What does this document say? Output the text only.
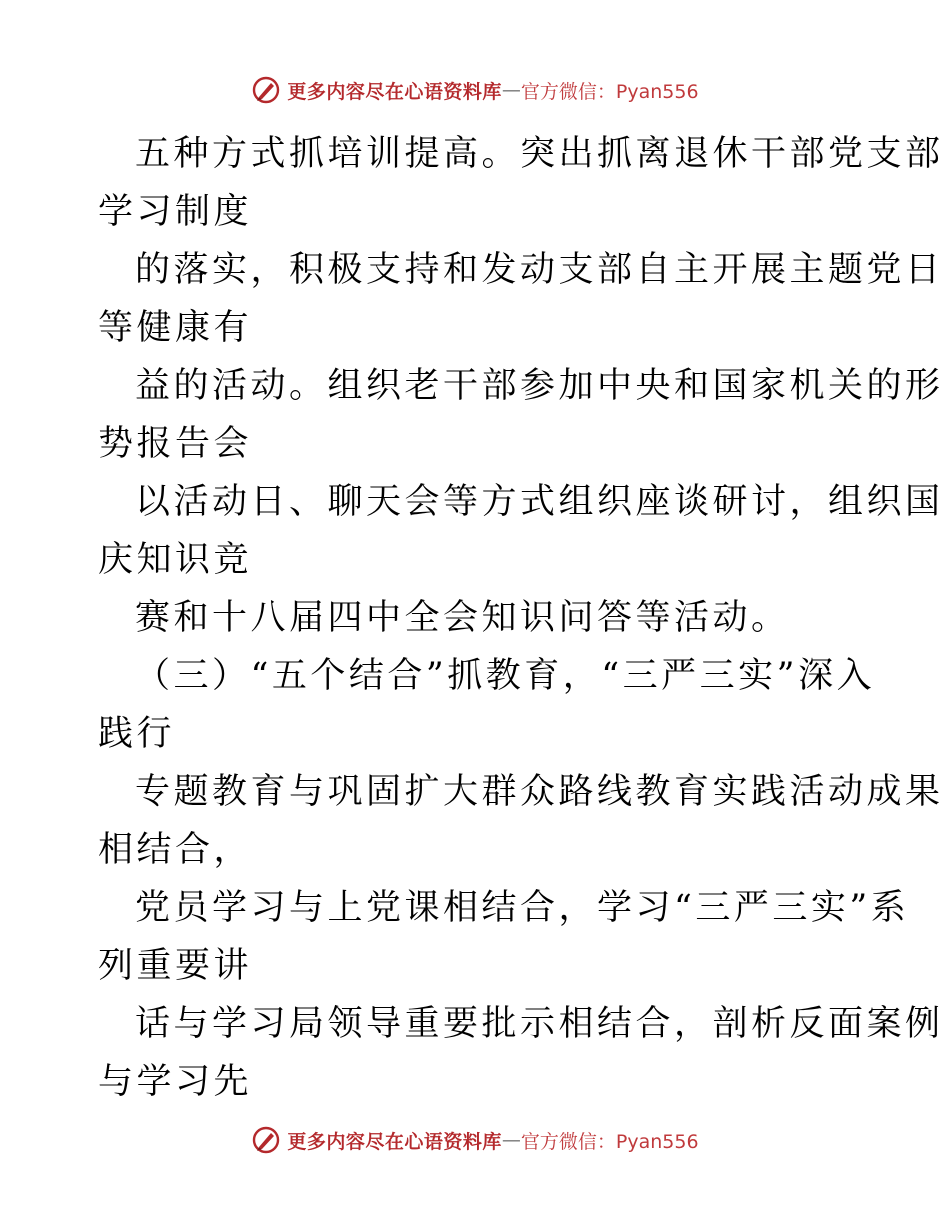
更多内容尽在心语资料库 — 官方微信：Pyan556
五种方式抓培训提高。突出抓离退休干部党支部
学习制度
的落实，积极支持和发动支部自主开展主题党日
等健康有
益的活动。组织老干部参加中央和国家机关的形
势报告会
以活动日、聊天会等方式组织座谈研讨，组织国
庆知识竞
赛和十八届四中全会知识问答等活动。
（三）“五个结合”抓教育，“三严三实”深入
践行
专题教育与巩固扩大群众路线教育实践活动成果
相结合，
党员学习与上党课相结合，学习“三严三实”系
列重要讲
话与学习局领导重要批示相结合，剖析反面案例
与学习先
更多内容尽在心语资料库 — 官方微信：Pyan556
